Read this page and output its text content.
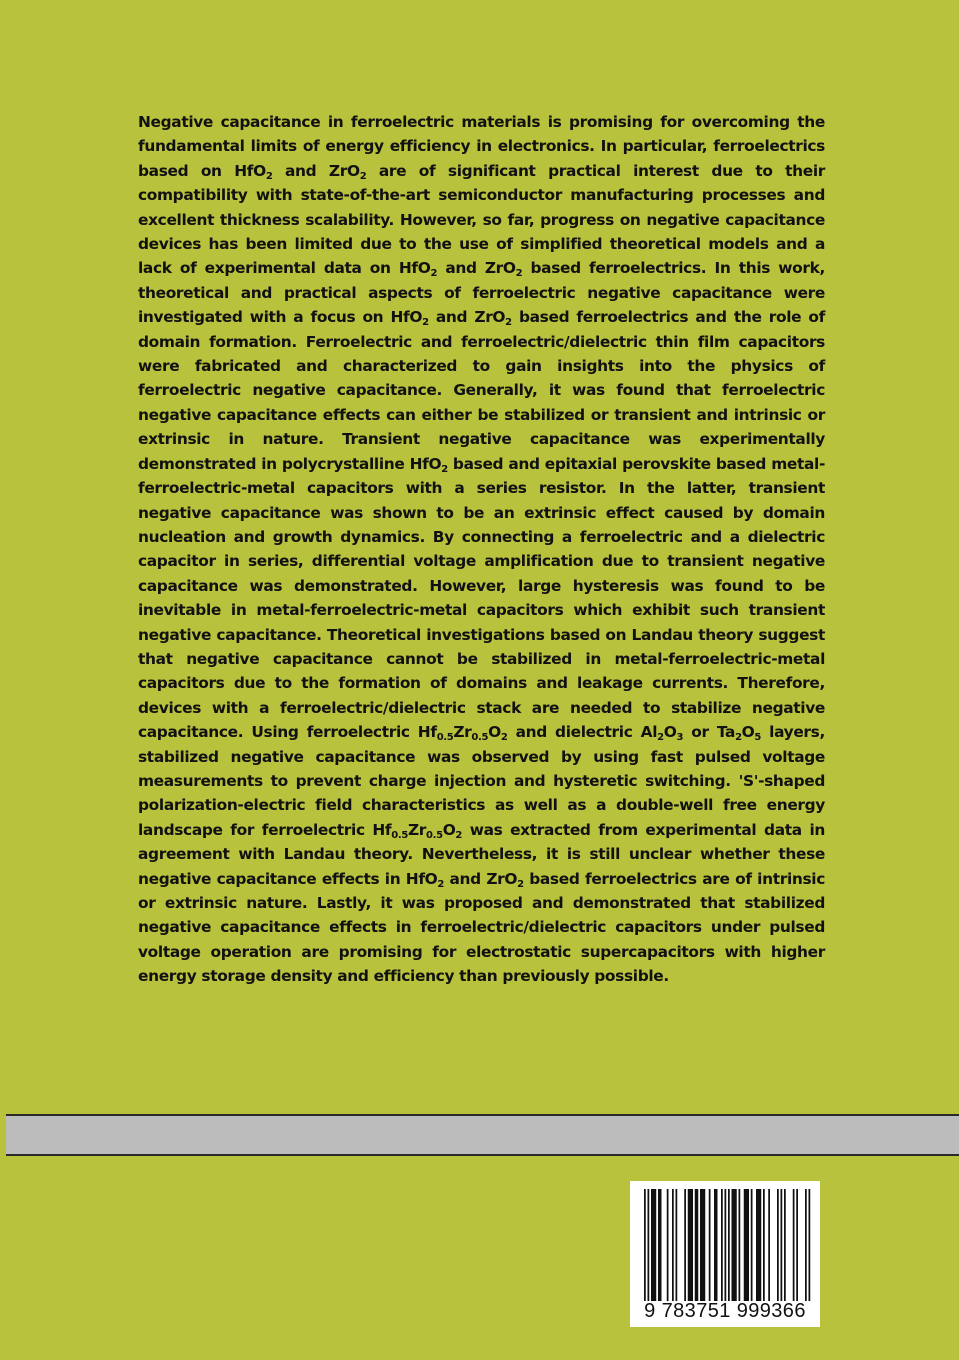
Negative capacitance in ferroelectric materials is promising for overcoming the fundamental limits of energy efficiency in electronics. In particular, ferroelectrics based on HfO$_2$ and ZrO$_2$ are of significant practical interest due to their compatibility with state-of-the-art semiconductor manufacturing processes and excellent thickness scalability. However, so far, progress on negative capacitance devices has been limited due to the use of simplified theoretical models and a lack of experimental data on HfO$_2$ and ZrO$_2$ based ferroelectrics. In this work, theoretical and practical aspects of ferroelectric negative capacitance were investigated with a focus on HfO$_2$ and ZrO$_2$ based ferroelectrics and the role of domain formation. Ferroelectric and ferroelectric/dielectric thin film capacitors were fabricated and characterized to gain insights into the physics of ferroelectric negative capacitance. Generally, it was found that ferroelectric negative capacitance effects can either be stabilized or transient and intrinsic or extrinsic in nature. Transient negative capacitance was experimentally demonstrated in polycrystalline HfO$_2$ based and epitaxial perovskite based metal-ferroelectric-metal capacitors with a series resistor. In the latter, transient negative capacitance was shown to be an extrinsic effect caused by domain nucleation and growth dynamics. By connecting a ferroelectric and a dielectric capacitor in series, differential voltage amplification due to transient negative capacitance was demonstrated. However, large hysteresis was found to be inevitable in metal-ferroelectric-metal capacitors which exhibit such transient negative capacitance. Theoretical investigations based on Landau theory suggest that negative capacitance cannot be stabilized in metal-ferroelectric-metal capacitors due to the formation of domains and leakage currents. Therefore, devices with a ferroelectric/dielectric stack are needed to stabilize negative capacitance. Using ferroelectric $Hf_{0.5}Zr_{0.5}O_2$ and dielectric $Al_2O_3$ or $Ta_2O_5$ layers, stabilized negative capacitance was observed by using fast pulsed voltage measurements to prevent charge injection and hysteretic switching. 'S'-shaped polarization-electric field characteristics as well as a double-well free energy landscape for ferroelectric $Hf_{0.5}Zr_{0.5}O_2$ was extracted from experimental data in agreement with Landau theory. Nevertheless, it is still unclear whether these negative capacitance effects in HfO$_2$ and ZrO$_2$ based ferroelectrics are of intrinsic or extrinsic nature. Lastly, it was proposed and demonstrated that stabilized negative capacitance effects in ferroelectric/dielectric capacitors under pulsed voltage operation are promising for electrostatic supercapacitors with higher energy storage density and efficiency than previously possible.

9 783751 999366
